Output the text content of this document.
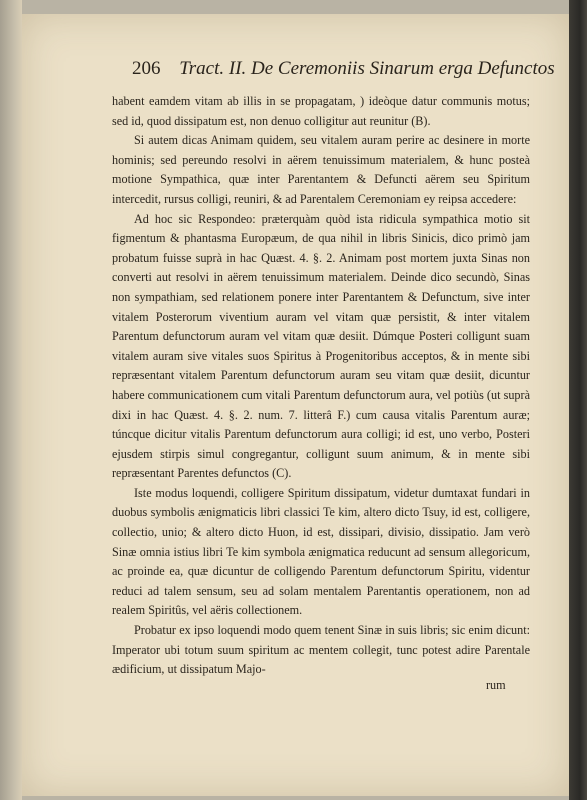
206 Tract. II. De Ceremoniis Sinarum erga Defunctos

habent eamdem vitam ab illis in se propagatam, ) ideòque datur communis motus; sed id, quod dissipatum est, non denuo colligitur aut reunitur (B).

Si autem dicas Animam quidem, seu vitalem auram perire ac desinere in morte hominis; sed pereundo resolvi in aërem tenuissimum materialem, & hunc posteà motione Sympathica, quæ inter Parentantem & Defuncti aërem seu Spiritum intercedit, rursus colligi, reuniri, & ad Parentalem Ceremoniam ey reipsa accedere:

Ad hoc sic Respondeo: præterquàm quòd ista ridicula sympathica motio sit figmentum & phantasma Europæum, de qua nihil in libris Sinicis, dico primò jam probatum fuisse suprà in hac Quæst. 4. §. 2. Animam post mortem juxta Sinas non converti aut resolvi in aërem tenuissimum materialem. Deinde dico secundò, Sinas non sympathiam, sed relationem ponere inter Parentantem & Defunctum, sive inter vitalem Posterorum viventium auram vel vitam quæ persistit, & inter vitalem Parentum defunctorum auram vel vitam quæ desiit. Dúmque Posteri colligunt suam vitalem auram sive vitales suos Spiritus à Progenitoribus acceptos, & in mente sibi repræsentant vitalem Parentum defunctorum auram seu vitam quæ desiit, dicuntur habere communicationem cum vitali Parentum defunctorum aura, vel potiùs (ut suprà dixi in hac Quæst. 4. §. 2. num. 7. litterâ F.) cum causa vitalis Parentum auræ; túncque dicitur vitalis Parentum defunctorum aura colligi; id est, uno verbo, Posteri ejusdem stirpis simul congregantur, colligunt suum animum, & in mente sibi repræsentant Parentes defunctos (C).

Iste modus loquendi, colligere Spiritum dissipatum, videtur dumtaxat fundari in duobus symbolis ænigmaticis libri classici Te kim, altero dicto Tsuy, id est, colligere, collectio, unio; & altero dicto Huon, id est, dissipari, divisio, dissipatio. Jam verò Sinæ omnia istius libri Te kim symbola ænigmatica reducunt ad sensum allegoricum, ac proinde ea, quæ dicuntur de colligendo Parentum defunctorum Spiritu, videntur reduci ad talem sensum, seu ad solam mentalem Parentantis operationem, non ad realem Spiritûs, vel aëris collectionem.

Probatur ex ipso loquendi modo quem tenent Sinæ in suis libris; sic enim dicunt: Imperator ubi totum suum spiritum ac mentem collegit, tunc potest adire Parentale ædificium, ut dissipatum Majo-

rum
